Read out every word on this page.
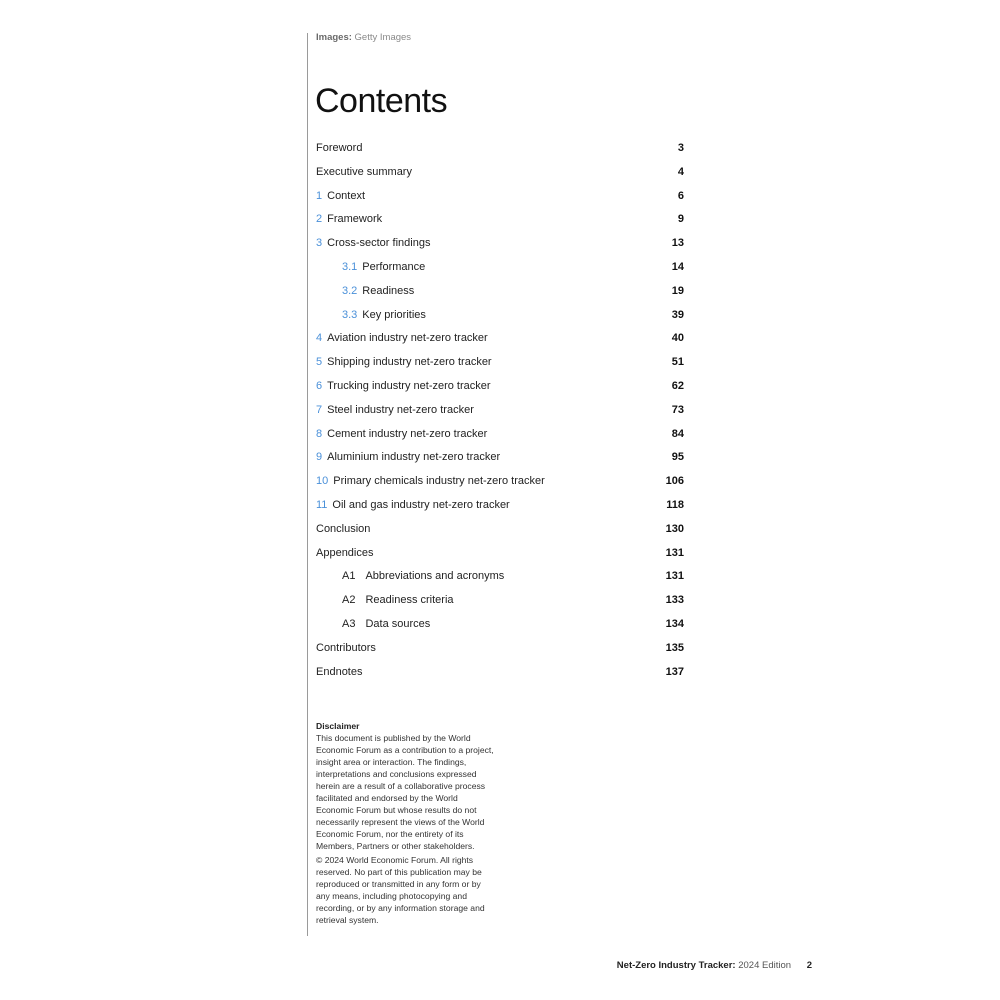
Images: Getty Images
Contents
Foreword	3
Executive summary	4
1 Context	6
2 Framework	9
3 Cross-sector findings	13
3.1 Performance	14
3.2 Readiness	19
3.3 Key priorities	39
4 Aviation industry net-zero tracker	40
5 Shipping industry net-zero tracker	51
6 Trucking industry net-zero tracker	62
7 Steel industry net-zero tracker	73
8 Cement industry net-zero tracker	84
9 Aluminium industry net-zero tracker	95
10 Primary chemicals industry net-zero tracker	106
11 Oil and gas industry net-zero tracker	118
Conclusion	130
Appendices	131
A1 Abbreviations and acronyms	131
A2 Readiness criteria	133
A3 Data sources	134
Contributors	135
Endnotes	137

Disclaimer

This document is published by the World Economic Forum as a contribution to a project, insight area or interaction. The findings, interpretations and conclusions expressed herein are a result of a collaborative process facilitated and endorsed by the World Economic Forum but whose results do not necessarily represent the views of the World Economic Forum, nor the entirety of its Members, Partners or other stakeholders.

© 2024 World Economic Forum. All rights reserved. No part of this publication may be reproduced or transmitted in any form or by any means, including photocopying and recording, or by any information storage and retrieval system.

Net-Zero Industry Tracker: 2024 Edition 2
